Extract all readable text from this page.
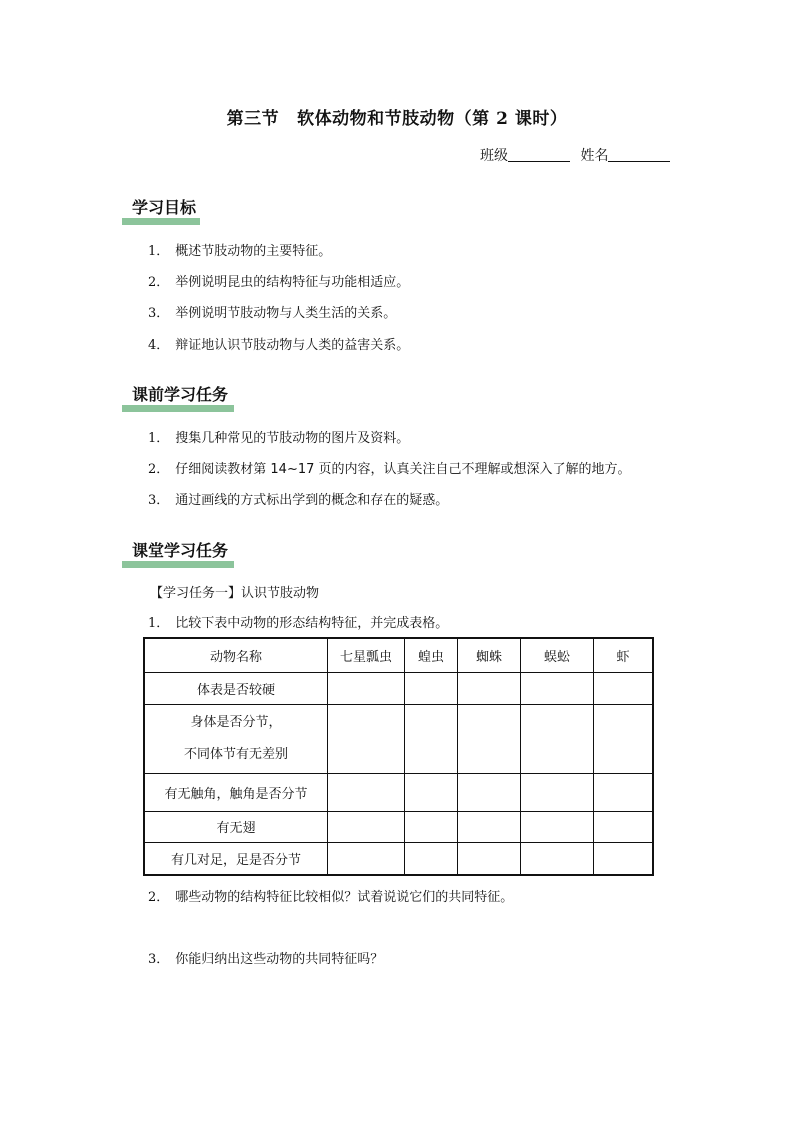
第三节 软体动物和节肢动物（第 2 课时）
班级	姓名
学习目标
1． 概述节肢动物的主要特征。
2． 举例说明昆虫的结构特征与功能相适应。
3． 举例说明节肢动物与人类生活的关系。
4． 辩证地认识节肢动物与人类的益害关系。
课前学习任务
1． 搜集几种常见的节肢动物的图片及资料。
2． 仔细阅读教材第 14~17 页的内容，认真关注自己不理解或想深入了解的地方。
3． 通过画线的方式标出学到的概念和存在的疑惑。
课堂学习任务
【学习任务一】认识节肢动物
1． 比较下表中动物的形态结构特征，并完成表格。
动物名称	七星瓢虫	蝗虫	蜘蛛	蜈蚣	虾
体表是否较硬					

身体是否分节，
不同体节有无差别					

有无触角，触角是否分节					
有无翅					
有几对足，足是否分节					
2． 哪些动物的结构特征比较相似？试着说说它们的共同特征。
3． 你能归纳出这些动物的共同特征吗？
